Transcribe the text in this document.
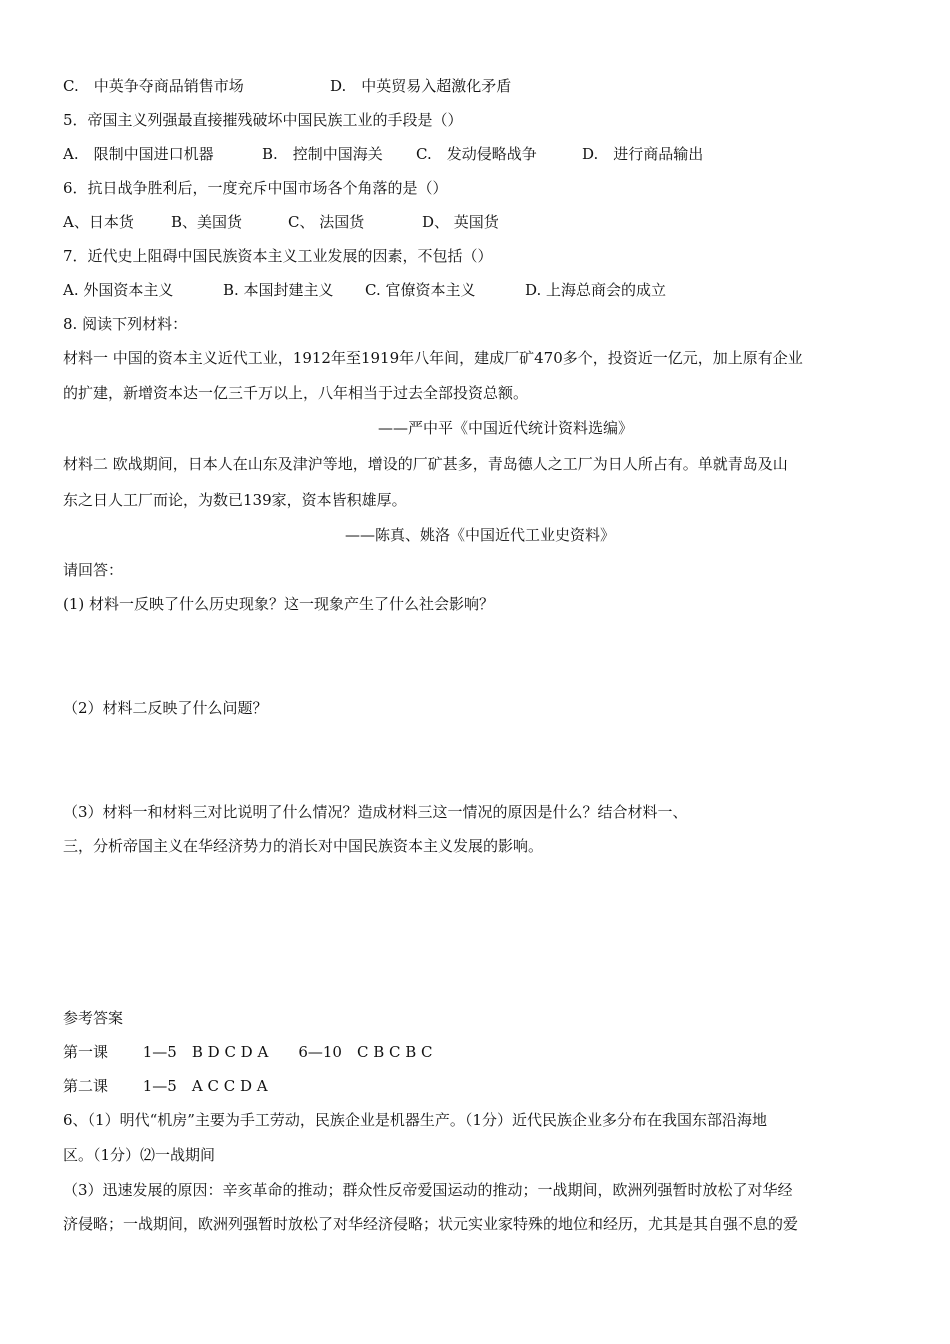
C.　中英争夺商品销售市场	D.　中英贸易入超激化矛盾
5．帝国主义列强最直接摧残破坏中国民族工业的手段是（）
A.　限制中国进口机器	B.　控制中国海关 C.　发动侵略战争	D.　进行商品输出
6．抗日战争胜利后，一度充斥中国市场各个角落的是（）
A、日本货 B、美国货	C、 法国货	D、 英国货
7．近代史上阻碍中国民族资本主义工业发展的因素，不包括（）
A. 外国资本主义	B. 本国封建主义 C. 官僚资本主义	D. 上海总商会的成立
8. 阅读下列材料：
材料一 中国的资本主义近代工业，1912年至1919年八年间，建成厂矿470多个，投资近一亿元，加上原有企业
的扩建，新增资本达一亿三千万以上，八年相当于过去全部投资总额。
——严中平《中国近代统计资料选编》
材料二 欧战期间，日本人在山东及津沪等地，增设的厂矿甚多，青岛德人之工厂为日人所占有。单就青岛及山
东之日人工厂而论，为数已139家，资本皆积雄厚。
——陈真、姚洛《中国近代工业史资料》
请回答：
(1) 材料一反映了什么历史现象？这一现象产生了什么社会影响？
（2）材料二反映了什么问题？
（3）材料一和材料三对比说明了什么情况？造成材料三这一情况的原因是什么？结合材料一、
三，分析帝国主义在华经济势力的消长对中国民族资本主义发展的影响。
参考答案
第一课　　 1—5　B D C D A　　6—10　C B C B C
第二课　　 1—5　A C C D A
6、（1）明代“机房”主要为手工劳动，民族企业是机器生产。（1分）近代民族企业多分布在我国东部沿海地
区。（1分）⑵一战期间
（3）迅速发展的原因：辛亥革命的推动；群众性反帝爱国运动的推动；一战期间，欧洲列强暂时放松了对华经
济侵略；一战期间，欧洲列强暂时放松了对华经济侵略；状元实业家特殊的地位和经历，尤其是其自强不息的爱
